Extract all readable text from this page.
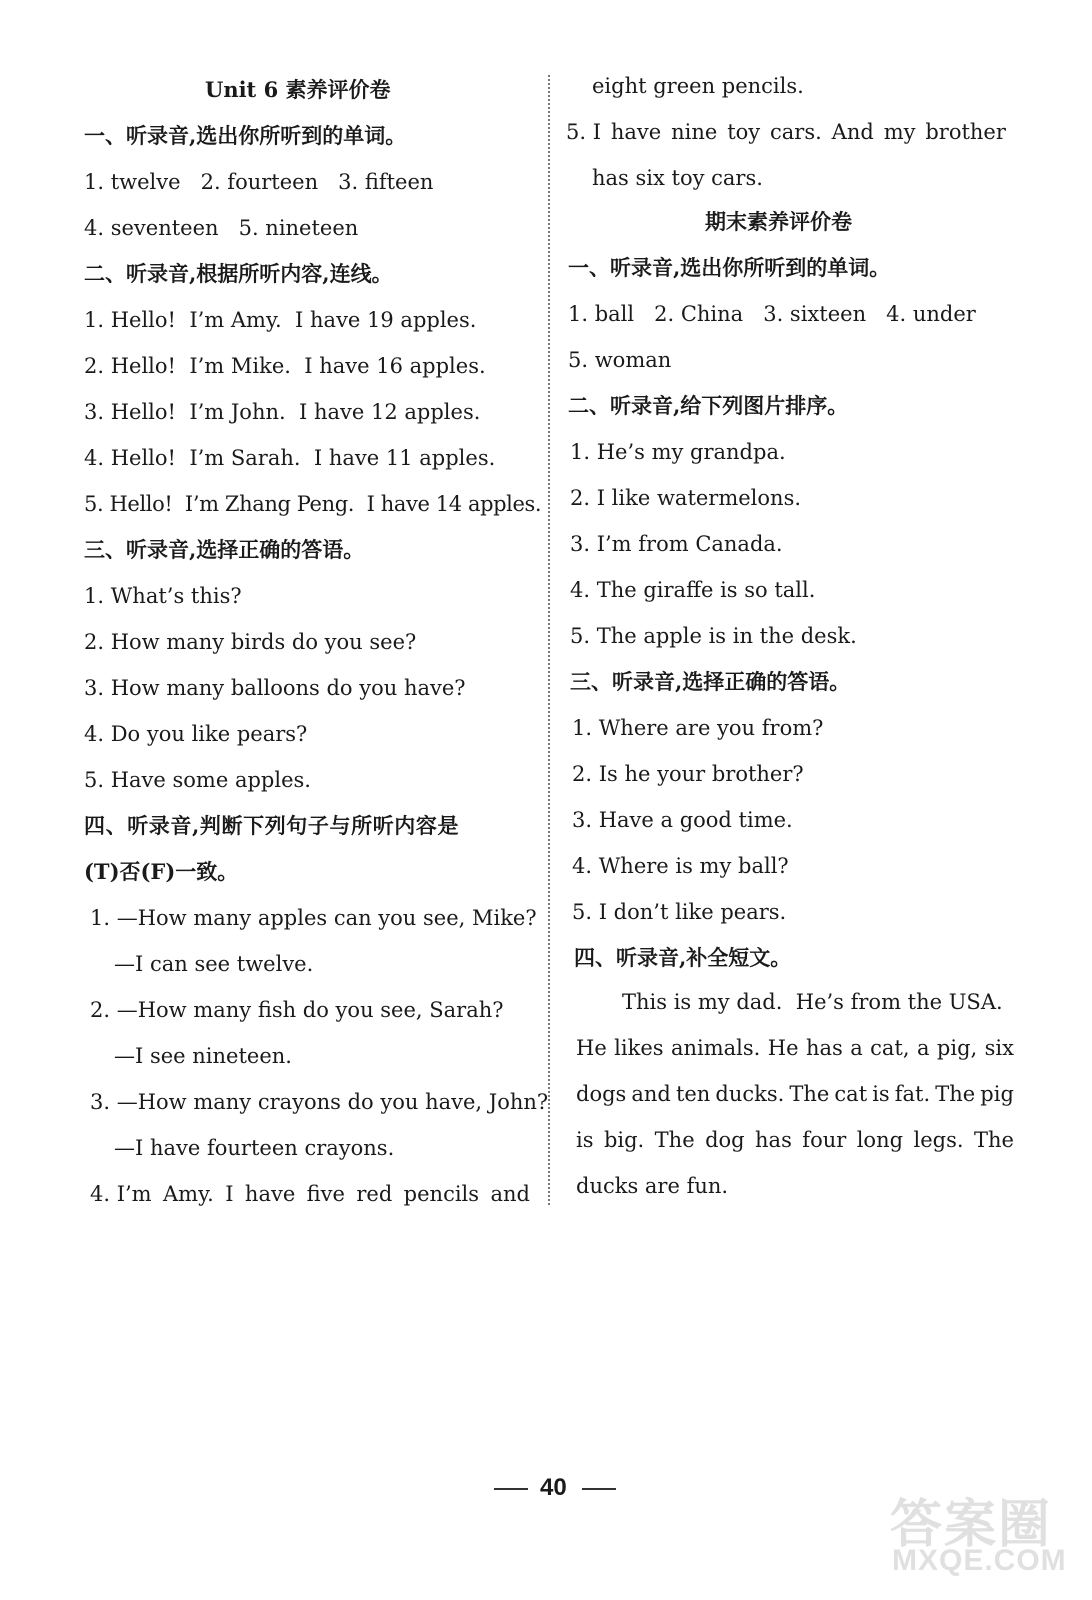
Unit 6 素养评价卷
一、听录音,选出你所听到的单词。
1. twelve   2. fourteen   3. fifteen
4. seventeen   5. nineteen
二、听录音,根据所听内容,连线。
1. Hello!  I’m Amy.  I have 19 apples.
2. Hello!  I’m Mike.  I have 16 apples.
3. Hello!  I’m John.  I have 12 apples.
4. Hello!  I’m Sarah.  I have 11 apples.
5. Hello!  I’m Zhang Peng.  I have 14 apples.
三、听录音,选择正确的答语。
1. What’s this?
2. How many birds do you see?
3. How many balloons do you have?
4. Do you like pears?
5. Have some apples.
四、听录音,判断下列句子与所听内容是
(T)否(F)一致。
1. —How many apples can you see, Mike?
—I can see twelve.
2. —How many fish do you see, Sarah?
—I see nineteen.
3. —How many crayons do you have, John?
—I have fourteen crayons.
4. I’m Amy. I have five red pencils and
eight green pencils.
5. I have nine toy cars. And my brother
has six toy cars.
期末素养评价卷
一、听录音,选出你所听到的单词。
1. ball   2. China   3. sixteen   4. under
5. woman
二、听录音,给下列图片排序。
1. He’s my grandpa.
2. I like watermelons.
3. I’m from Canada.
4. The giraffe is so tall.
5. The apple is in the desk.
三、听录音,选择正确的答语。
1. Where are you from?
2. Is he your brother?
3. Have a good time.
4. Where is my ball?
5. I don’t like pears.
四、听录音,补全短文。
This is my dad.  He’s from the USA.
He likes animals. He has a cat, a pig, six
dogs and ten ducks. The cat is fat. The pig
is big. The dog has four long legs. The
ducks are fun.
40
答案圈
MXQE.COM
